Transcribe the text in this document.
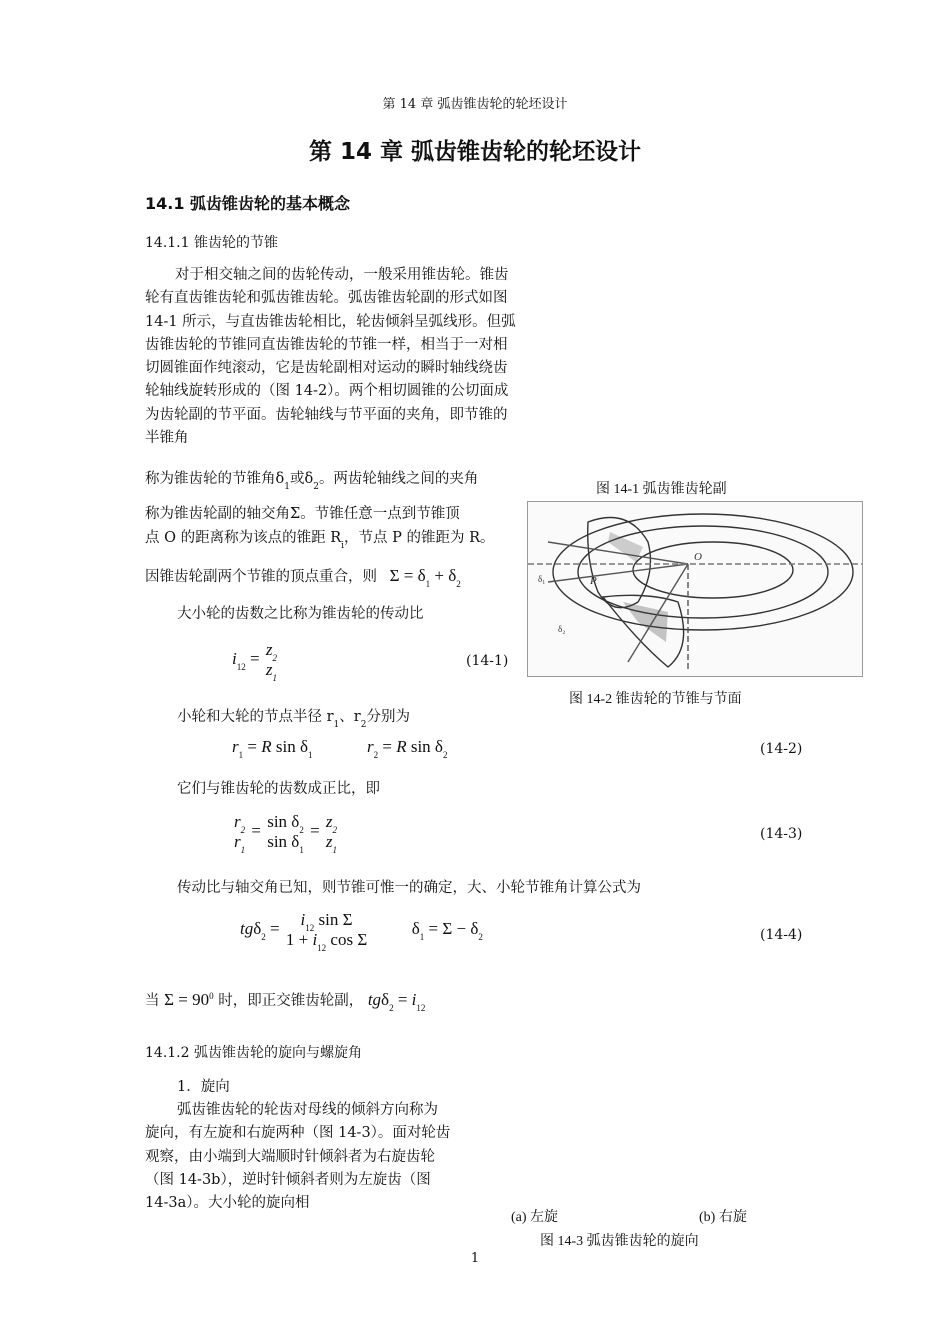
第 14 章 弧齿锥齿轮的轮坯设计
第 14 章 弧齿锥齿轮的轮坯设计
14.1 弧齿锥齿轮的基本概念
14.1.1 锥齿轮的节锥
对于相交轴之间的齿轮传动，一般采用锥齿轮。锥齿轮有直齿锥齿轮和弧齿锥齿轮。弧齿锥齿轮副的形式如图 14-1 所示，与直齿锥齿轮相比，轮齿倾斜呈弧线形。但弧齿锥齿轮的节锥同直齿锥齿轮的节锥一样，相当于一对相切圆锥面作纯滚动，它是齿轮副相对运动的瞬时轴线绕齿轮轴线旋转形成的（图 14-2）。两个相切圆锥的公切面成为齿轮副的节平面。齿轮轴线与节平面的夹角，即节锥的半锥角
称为锥齿轮的节锥角$\delta_1$或$\delta_2$。两齿轮轴线之间的夹角
称为锥齿轮副的轴交角Σ。节锥任意一点到节锥顶
点 O 的距离称为该点的锥距 $R_i$，节点 P 的锥距为 R。
因锥齿轮副两个节锥的顶点重合，则 $\Sigma = \delta_1 + \delta_2$
大小轮的齿数之比称为锥齿轮的传动比
$i_{12} = z_2$
$z_1$
(14-1)
小轮和大轮的节点半径 $r_1$、$r_2$分别为
$r_1 = R$ $\sin \delta_1$	$r_2 = R$ $\sin \delta_2$	(14-2)
它们与锥齿轮的齿数成正比，即
$r_2$
$r_1$
= $\sin \delta_2$
$\sin \delta_1$
= $z_2$
$z_1$
(14-3)
传动比与轴交角已知，则节锥可惟一的确定，大、小轮节锥角计算公式为
$tg\delta_2 = i_{12}$ sin Σ
$1 + i_{12}$ cos Σ
$\delta_1 = \Sigma - \delta_2$	(14-4)
当 $\Sigma = 90^0$ 时，即正交锥齿轮副， $tg\delta_2 = i_{12}$
14.1.2 弧齿锥齿轮的旋向与螺旋角
1．旋向
弧齿锥齿轮的轮齿对母线的倾斜方向称为旋向，有左旋和右旋两种（图 14-3）。面对轮齿观察，由小端到大端顺时针倾斜者为右旋齿轮（图 14-3b），逆时针倾斜者则为左旋齿（图 14-3a）。大小轮的旋向相
图 14-1 弧齿锥齿轮副
O
P
δ₁
δ₂
图 14-2 锥齿轮的节锥与节面
(a) 左旋	(b) 右旋
图 14-3 弧齿锥齿轮的旋向
1
